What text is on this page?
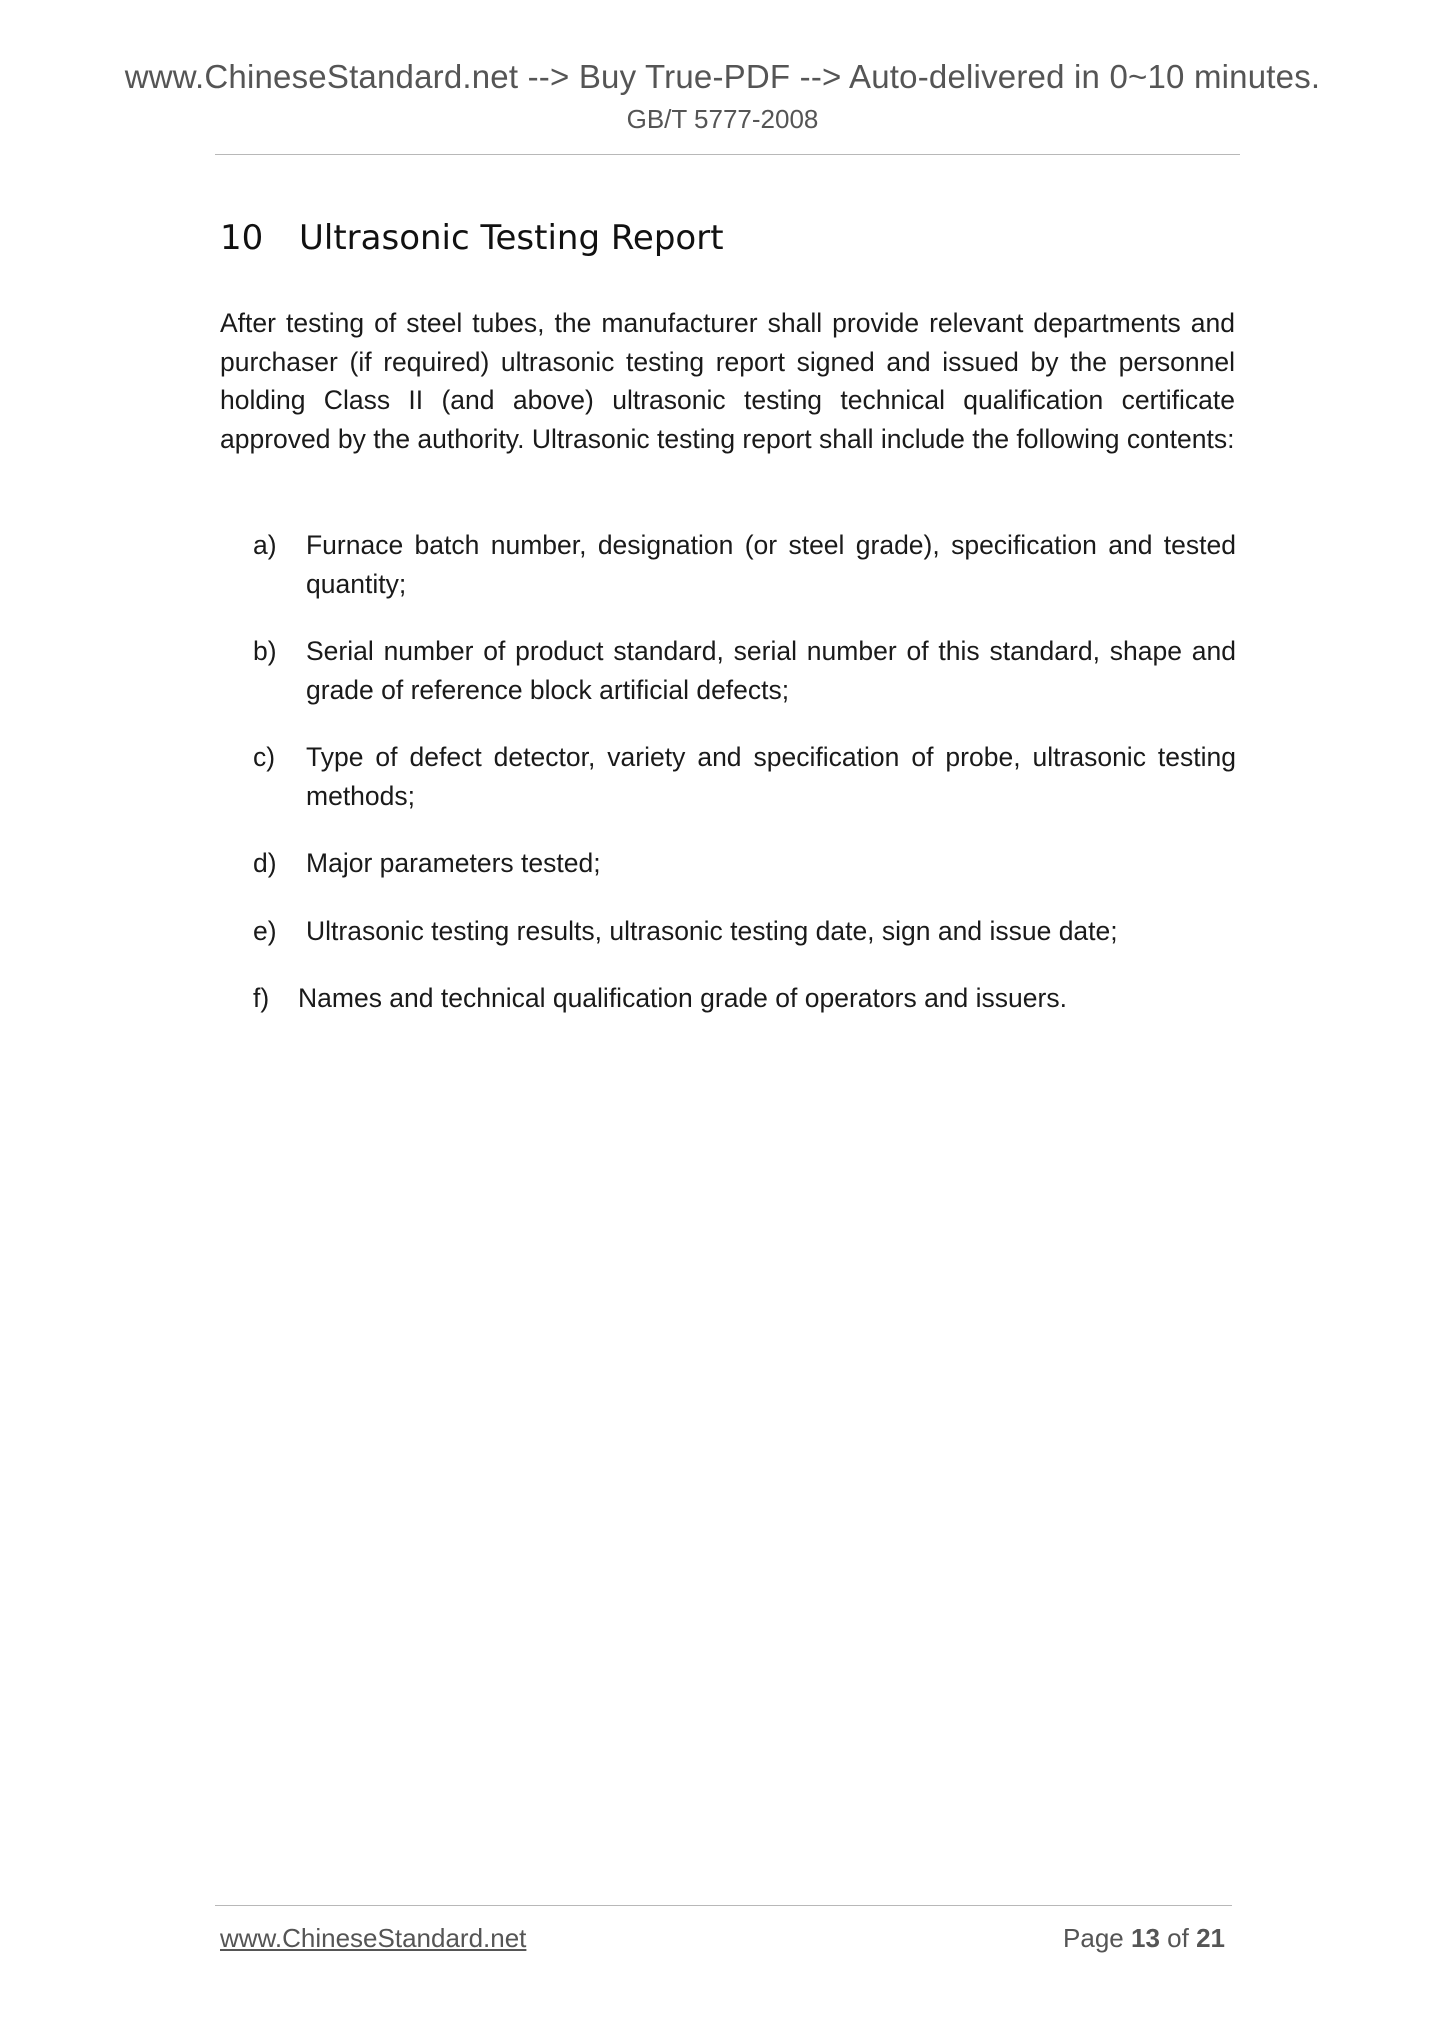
www.ChineseStandard.net --> Buy True-PDF --> Auto-delivered in 0~10 minutes.
GB/T 5777-2008
10 Ultrasonic Testing Report

After testing of steel tubes, the manufacturer shall provide relevant departments and purchaser (if required) ultrasonic testing report signed and issued by the personnel holding Class II (and above) ultrasonic testing technical qualification certificate approved by the authority. Ultrasonic testing report shall include the following contents:

a) Furnace batch number, designation (or steel grade), specification and tested quantity;
b) Serial number of product standard, serial number of this standard, shape and grade of reference block artificial defects;
c) Type of defect detector, variety and specification of probe, ultrasonic testing methods;
d) Major parameters tested;
e) Ultrasonic testing results, ultrasonic testing date, sign and issue date;
f) Names and technical qualification grade of operators and issuers.
www.ChineseStandard.net	Page 13 of 21
